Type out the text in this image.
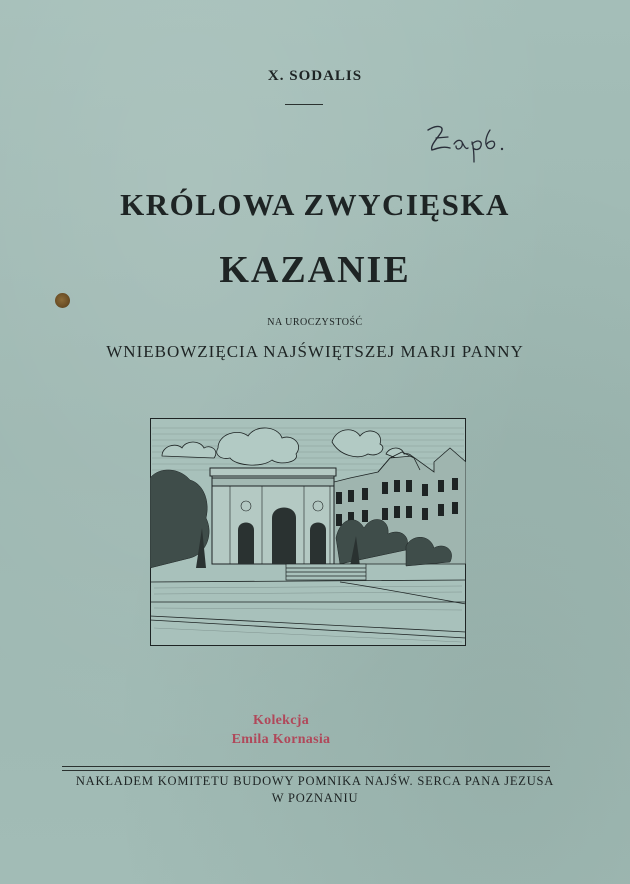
X. SODALIS
KRÓLOWA ZWYCIĘSKA
KAZANIE
NA UROCZYSTOŚĆ
WNIEBOWZIĘCIA NAJŚWIĘTSZEJ MARJI PANNY
Kolekcja
Emila Kornasia
NAKŁADEM KOMITETU BUDOWY POMNIKA NAJŚW. SERCA PANA JEZUSA
W POZNANIU
